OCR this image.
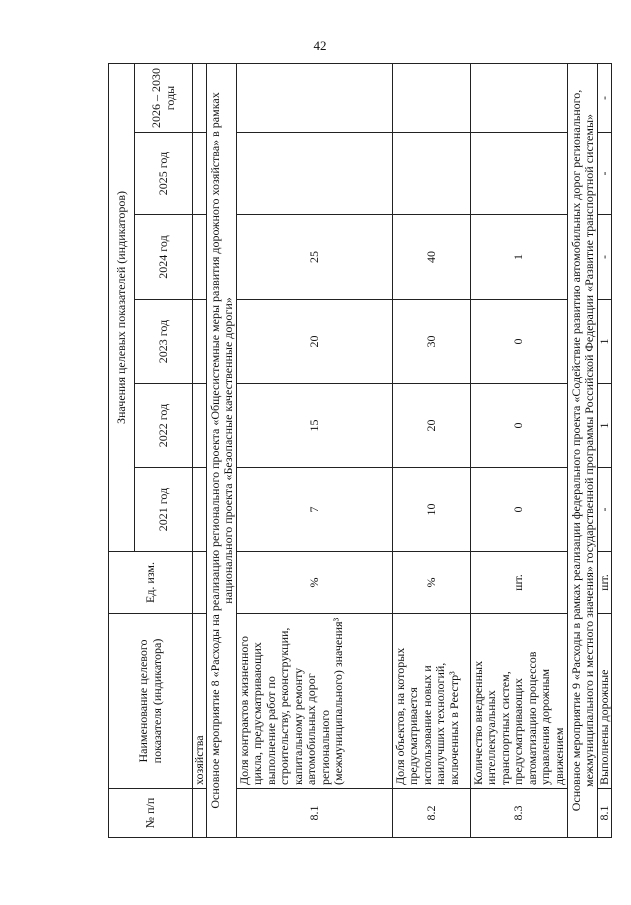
42
№ п/п	Наименование целевого показателя (индикатора)	Ед. изм.	Значения целевых показателей (индикаторов)					
			2021 год	2022 год	2023 год	2024 год	2025 год	2026 – 2030 годы
	хозяйства							
Основное мероприятие 8 «Расходы на реализацию регионального проекта «Общесистемные меры развития дорожного хозяйства» в рамках национального проекта «Безопасные качественные дороги»								
8.1	Доля контрактов жизненного цикла, предусматривающих выполнение работ по строительству, реконструкции, капитальному ремонту автомобильных дорог регионального (межмуниципального) значения³	%	7	15	20	25		
8.2	Доля объектов, на которых предусматривается использование новых и наилучших технологий, включенных в Реестр³	%	10	20	30	40		
8.3	Количество внедренных интеллектуальных транспортных систем, предусматривающих автоматизацию процессов управления дорожным движением	шт.	0	0	0	1		
Основное мероприятие 9 «Расходы в рамках реализации федерального проекта «Содействие развитию автомобильных дорог регионального, межмуниципального и местного значения» государственной программы Российской Федерации «Развитие транспортной системы»								
8.1	Выполнены дорожные	шт.	-	1	1	-	-	-
